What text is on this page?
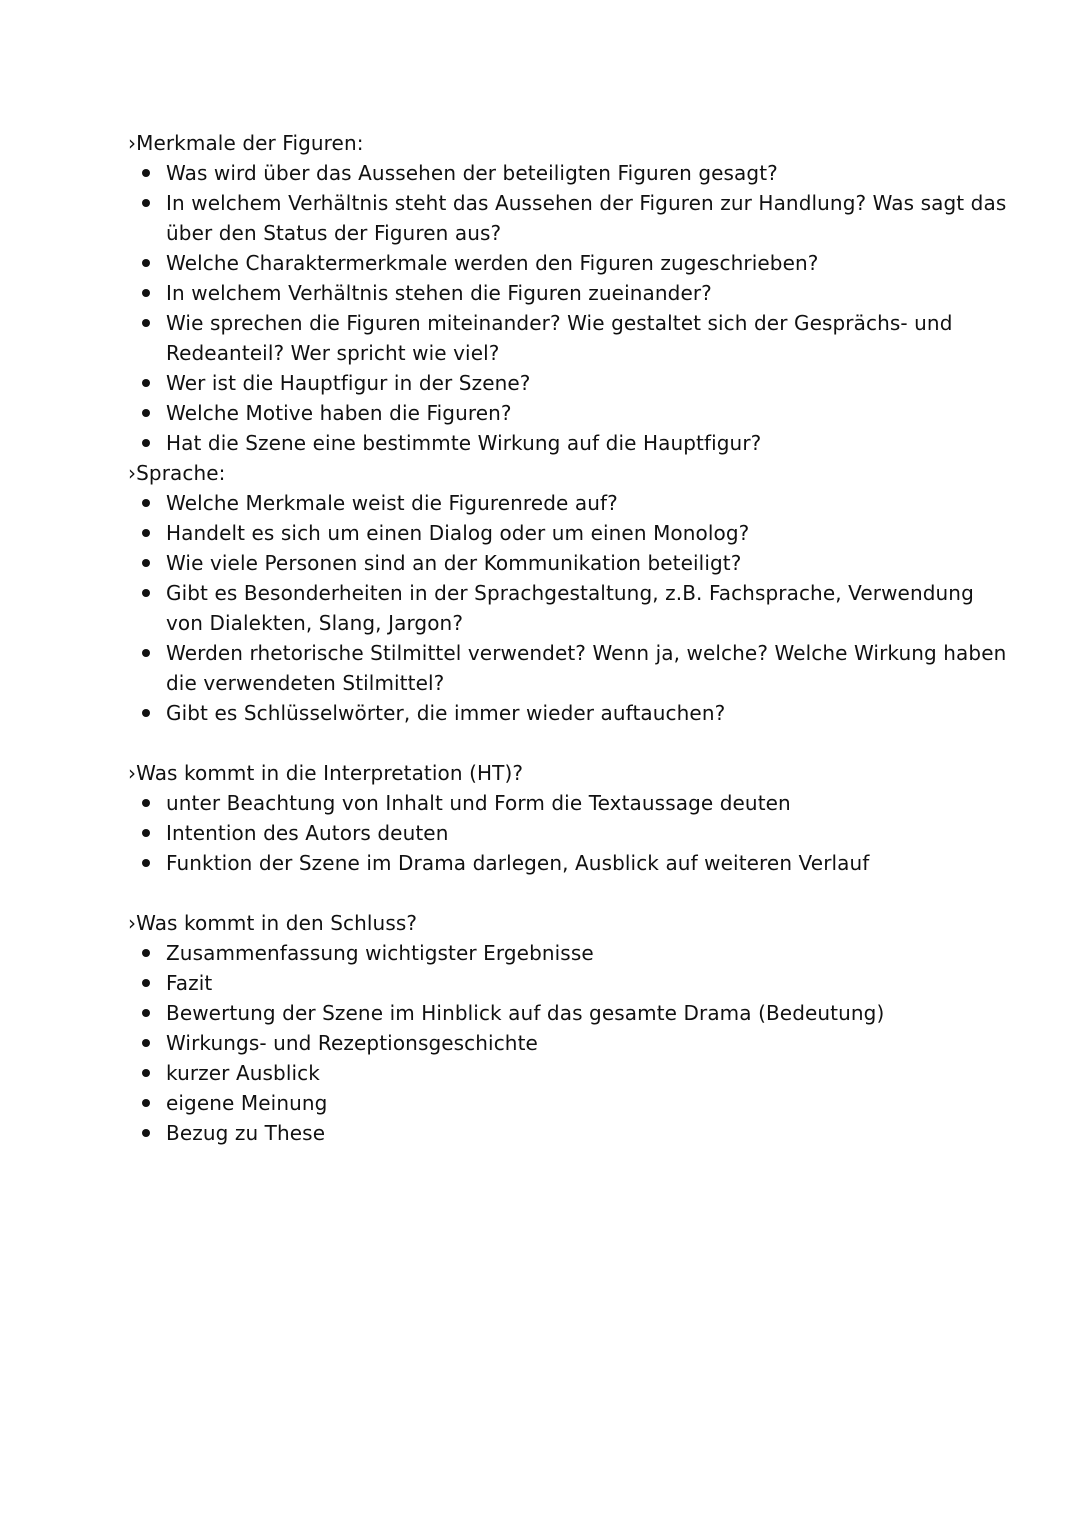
›Merkmale der Figuren:

Was wird über das Aussehen der beteiligten Figuren gesagt?
In welchem Verhältnis steht das Aussehen der Figuren zur Handlung? Was sagt das über den Status der Figuren aus?
Welche Charaktermerkmale werden den Figuren zugeschrieben?
In welchem Verhältnis stehen die Figuren zueinander?
Wie sprechen die Figuren miteinander? Wie gestaltet sich der Gesprächs- und Redeanteil? Wer spricht wie viel?
Wer ist die Hauptfigur in der Szene?
Welche Motive haben die Figuren?
Hat die Szene eine bestimmte Wirkung auf die Hauptfigur?

›Sprache:

Welche Merkmale weist die Figurenrede auf?
Handelt es sich um einen Dialog oder um einen Monolog?
Wie viele Personen sind an der Kommunikation beteiligt?
Gibt es Besonderheiten in der Sprachgestaltung, z.B. Fachsprache, Verwendung von Dialekten, Slang, Jargon?
Werden rhetorische Stilmittel verwendet? Wenn ja, welche? Welche Wirkung haben die verwendeten Stilmittel?
Gibt es Schlüsselwörter, die immer wieder auftauchen?

›Was kommt in die Interpretation (HT)?

unter Beachtung von Inhalt und Form die Textaussage deuten
Intention des Autors deuten
Funktion der Szene im Drama darlegen, Ausblick auf weiteren Verlauf

›Was kommt in den Schluss?

Zusammenfassung wichtigster Ergebnisse
Fazit
Bewertung der Szene im Hinblick auf das gesamte Drama (Bedeutung)
Wirkungs- und Rezeptionsgeschichte
kurzer Ausblick
eigene Meinung
Bezug zu These
